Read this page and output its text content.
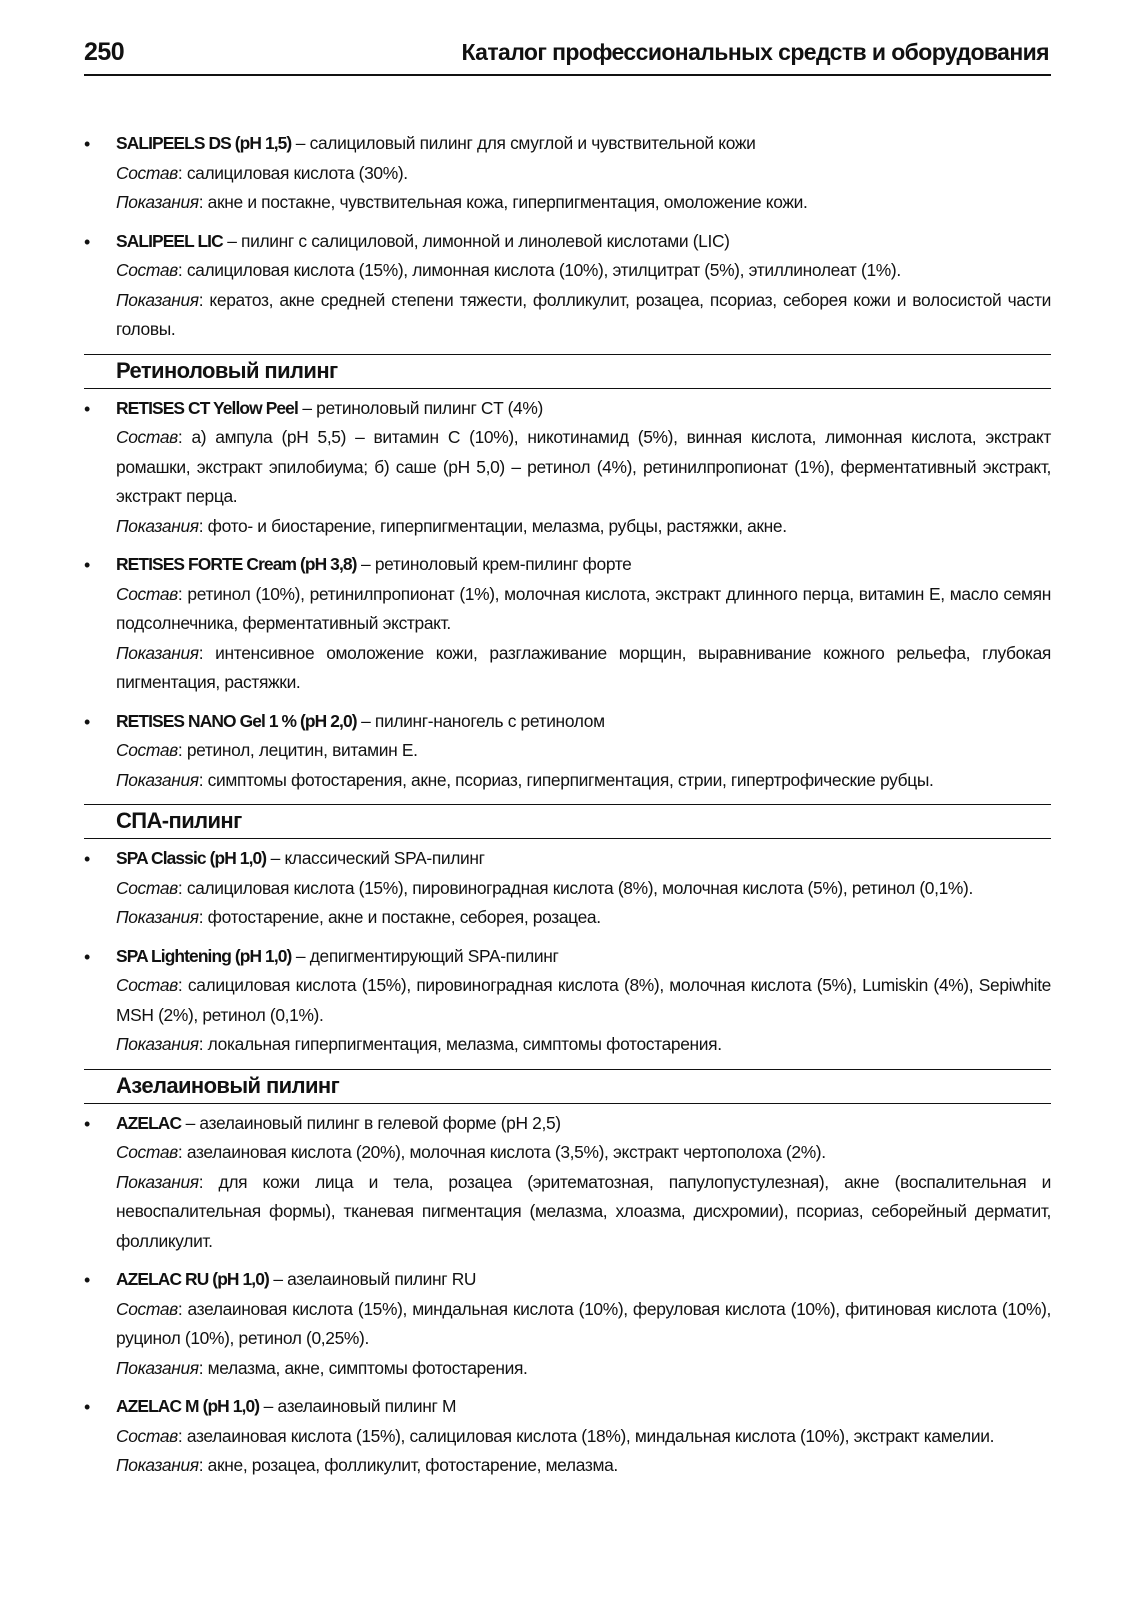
250	Каталог профессиональных средств и оборудования
•	SALIPEELS DS (pH 1,5) – салициловый пилинг для смуглой и чувствительной кожи
Состав: салициловая кислота (30%).
Показания: акне и постакне, чувствительная кожа, гиперпигментация, омоложение кожи.
•	SALIPEEL LIC – пилинг с салициловой, лимонной и линолевой кислотами (LIC)
Состав: салициловая кислота (15%), лимонная кислота (10%), этилцитрат (5%), этиллинолеат (1%).
Показания: кератоз, акне средней степени тяжести, фолликулит, розацеа, псориаз, себорея кожи и волосистой части головы.
Ретиноловый пилинг
•	RETISES CT Yellow Peel – ретиноловый пилинг CT (4%)
Состав: а) ампула (pH 5,5) – витамин C (10%), никотинамид (5%), винная кислота, лимонная кислота, экстракт ромашки, экстракт эпилобиума; б) саше (pH 5,0) – ретинол (4%), ретинилпропионат (1%), ферментативный экстракт, экстракт перца.
Показания: фото- и биостарение, гиперпигментации, мелазма, рубцы, растяжки, акне.
•	RETISES FORTE Cream (pH 3,8) – ретиноловый крем-пилинг форте
Состав: ретинол (10%), ретинилпропионат (1%), молочная кислота, экстракт длинного перца, витамин E, масло семян подсолнечника, ферментативный экстракт.
Показания: интенсивное омоложение кожи, разглаживание морщин, выравнивание кожного рельефа, глубокая пигментация, растяжки.
•	RETISES NANO Gel 1 % (pH 2,0) – пилинг-наногель с ретинолом
Состав: ретинол, лецитин, витамин E.
Показания: симптомы фотостарения, акне, псориаз, гиперпигментация, стрии, гипертрофические рубцы.
СПА-пилинг
•	SPA Classic (pH 1,0) – классический SPA-пилинг
Состав: салициловая кислота (15%), пировиноградная кислота (8%), молочная кислота (5%), ретинол (0,1%).
Показания: фотостарение, акне и постакне, себорея, розацеа.
•	SPA Lightening (pH 1,0) – депигментирующий SPA-пилинг
Состав: салициловая кислота (15%), пировиноградная кислота (8%), молочная кислота (5%), Lumiskin (4%), Sepiwhite MSH (2%), ретинол (0,1%).
Показания: локальная гиперпигментация, мелазма, симптомы фотостарения.
Азелаиновый пилинг
•	AZELAC – азелаиновый пилинг в гелевой форме (pH 2,5)
Состав: азелаиновая кислота (20%), молочная кислота (3,5%), экстракт чертополоха (2%).
Показания: для кожи лица и тела, розацеа (эритематозная, папулопустулезная), акне (воспалительная и невоспалительная формы), тканевая пигментация (мелазма, хлоазма, дисхромии), псориаз, себорейный дерматит, фолликулит.
•	AZELAC RU (pH 1,0) – азелаиновый пилинг RU
Состав: азелаиновая кислота (15%), миндальная кислота (10%), феруловая кислота (10%), фитиновая кислота (10%), руцинол (10%), ретинол (0,25%).
Показания: мелазма, акне, симптомы фотостарения.
•	AZELAC M (pH 1,0) – азелаиновый пилинг M
Состав: азелаиновая кислота (15%), салициловая кислота (18%), миндальная кислота (10%), экстракт камелии.
Показания: акне, розацеа, фолликулит, фотостарение, мелазма.
